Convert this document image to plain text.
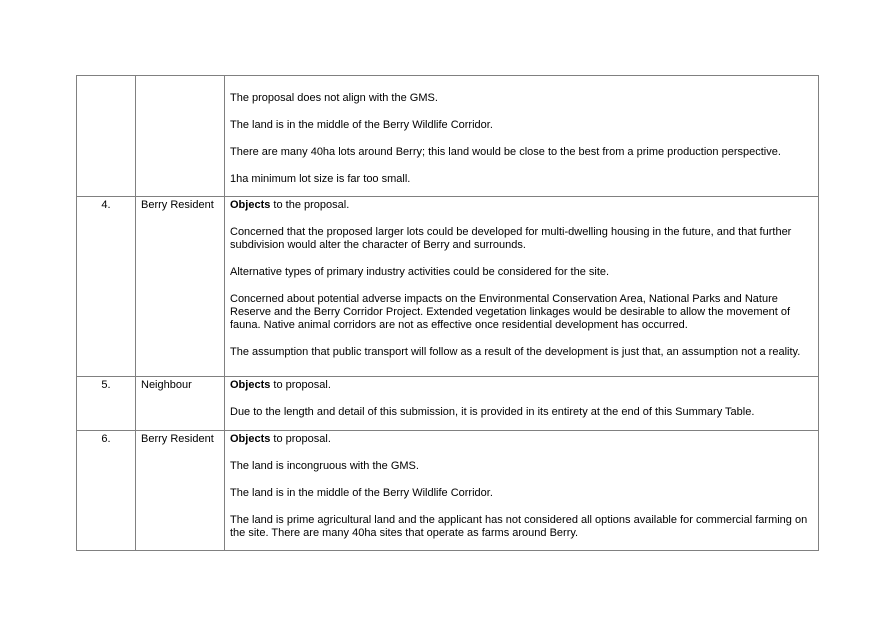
		The proposal does not align with the GMS.

The land is in the middle of the Berry Wildlife Corridor.

There are many 40ha lots around Berry; this land would be close to the best from a prime production perspective.

1ha minimum lot size is far too small.

4.	Berry Resident	Objects to the proposal.

Concerned that the proposed larger lots could be developed for multi-dwelling housing in the future, and that further subdivision would alter the character of Berry and surrounds.

Alternative types of primary industry activities could be considered for the site.

Concerned about potential adverse impacts on the Environmental Conservation Area, National Parks and Nature Reserve and the Berry Corridor Project. Extended vegetation linkages would be desirable to allow the movement of fauna. Native animal corridors are not as effective once residential development has occurred.

The assumption that public transport will follow as a result of the development is just that, an assumption not a reality.

5.	Neighbour	Objects to proposal.

Due to the length and detail of this submission, it is provided in its entirety at the end of this Summary Table.

6.	Berry Resident	Objects to proposal.

The land is incongruous with the GMS.

The land is in the middle of the Berry Wildlife Corridor.

The land is prime agricultural land and the applicant has not considered all options available for commercial farming on the site. There are many 40ha sites that operate as farms around Berry.
